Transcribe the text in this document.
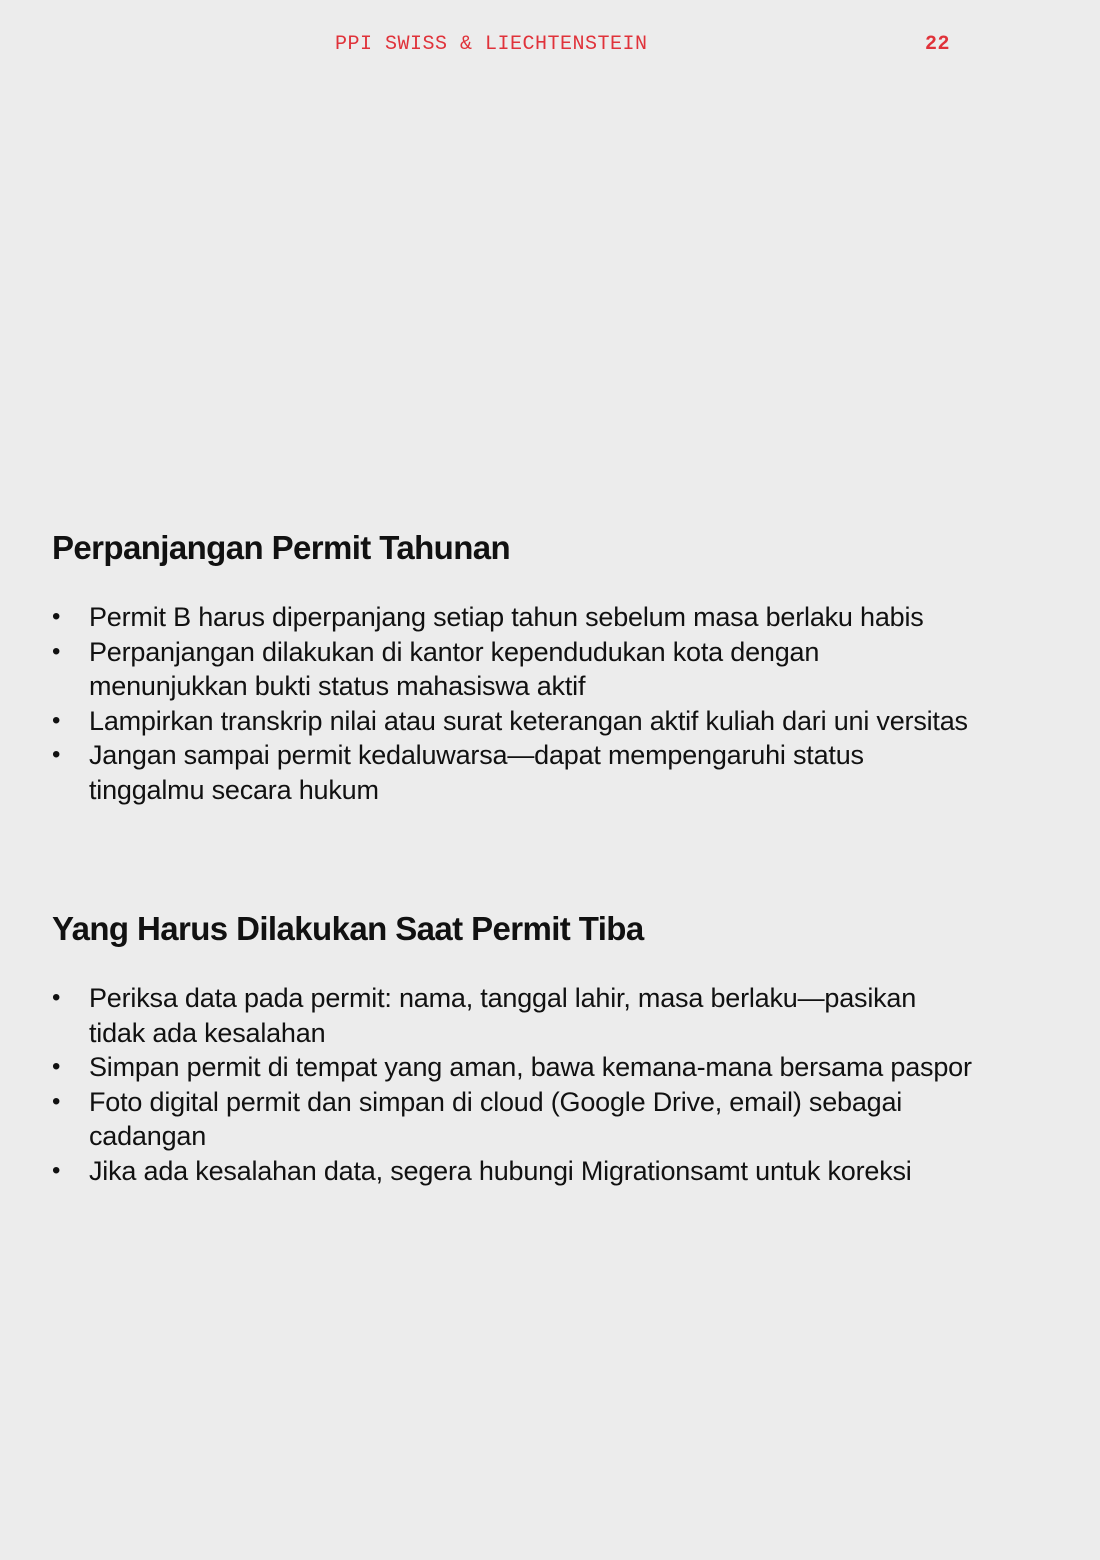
PPI SWISS & LIECHTENSTEIN	22
Perpanjangan Permit Tahunan
• Permit B harus diperpanjang setiap tahun sebelum masa berlaku habis
• Perpanjangan dilakukan di kantor kependudukan kota dengan menunjukkan bukti status mahasiswa aktif
• Lampirkan transkrip nilai atau surat keterangan aktif kuliah dari uni versitas
• Jangan sampai permit kedaluwarsa—dapat mempengaruhi status tinggalmu secara hukum
Yang Harus Dilakukan Saat Permit Tiba
• Periksa data pada permit: nama, tanggal lahir, masa berlaku—pasikan tidak ada kesalahan
• Simpan permit di tempat yang aman, bawa kemana-mana bersama paspor
• Foto digital permit dan simpan di cloud (Google Drive, email) sebagai cadangan
• Jika ada kesalahan data, segera hubungi Migrationsamt untuk koreksi
